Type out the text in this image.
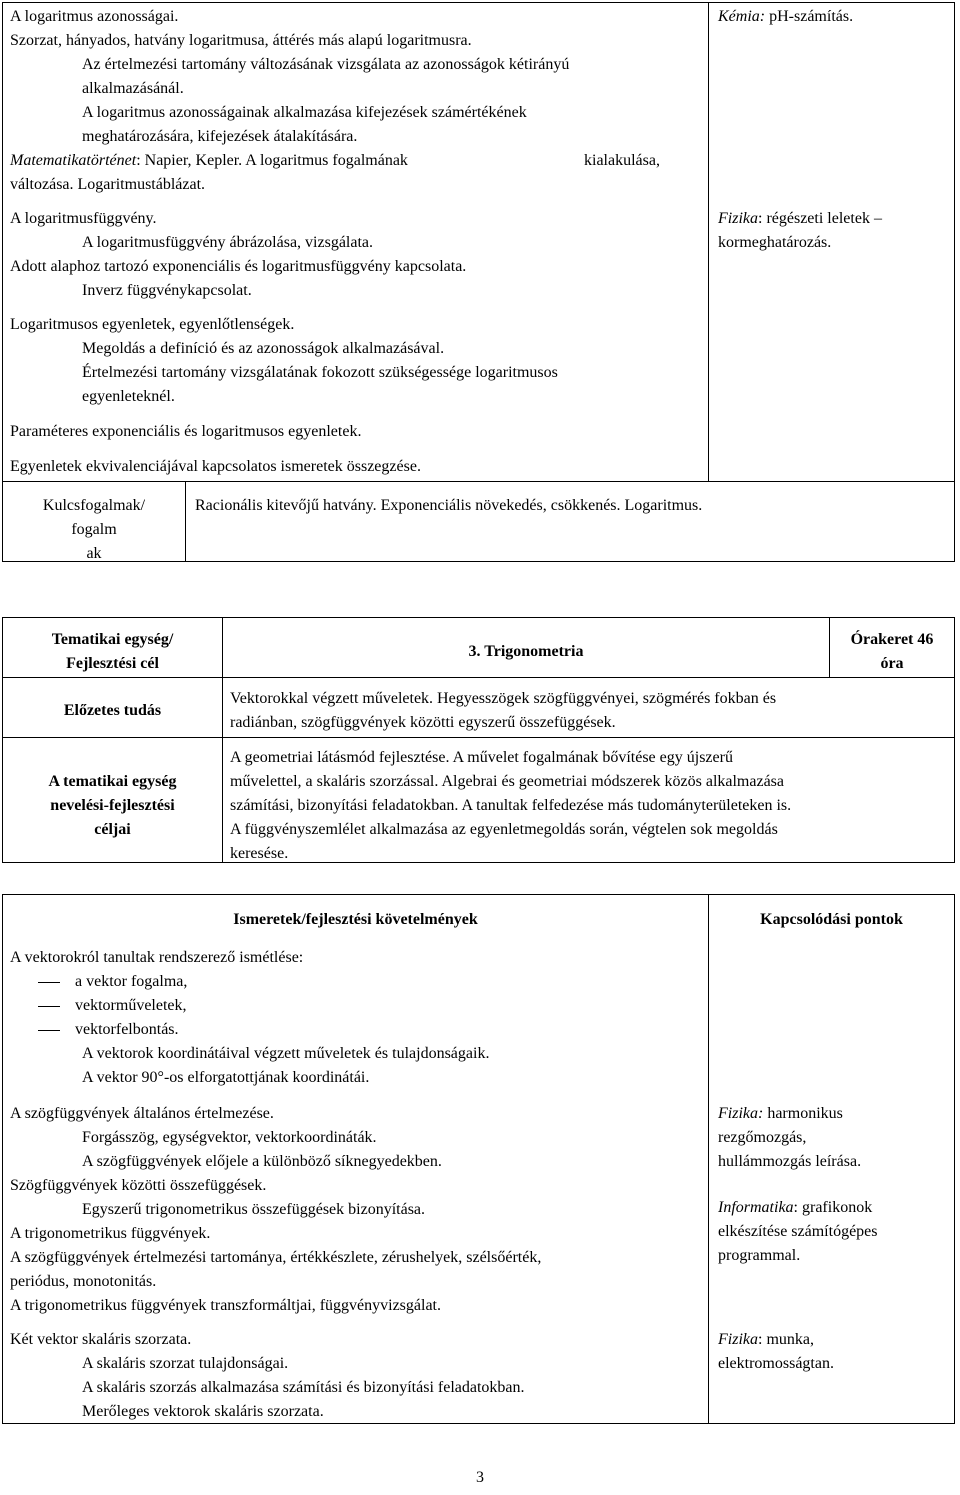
A logaritmus azonosságai.
Szorzat, hányados, hatvány logaritmusa, áttérés más alapú logaritmusra.
Az értelmezési tartomány változásának vizsgálata az azonosságok kétirányú
alkalmazásánál.
A logaritmus azonosságainak alkalmazása kifejezések számértékének
meghatározására, kifejezések átalakítására.
Matematikatörténet: Napier, Kepler. A logaritmus fogalmának	kialakulása,
változása. Logaritmustáblázat.
A logaritmusfüggvény.
A logaritmusfüggvény ábrázolása, vizsgálata.
Adott alaphoz tartozó exponenciális és logaritmusfüggvény kapcsolata.
Inverz függvénykapcsolat.
Logaritmusos egyenletek, egyenlőtlenségek.
Megoldás a definíció és az azonosságok alkalmazásával.
Értelmezési tartomány vizsgálatának fokozott szükségessége logaritmusos
egyenleteknél.
Paraméteres exponenciális és logaritmusos egyenletek.
Egyenletek ekvivalenciájával kapcsolatos ismeretek összegzése.
Kémia: pH-számítás.
Fizika: régészeti leletek –
kormeghatározás.
Kulcsfogalmak/
fogalm
ak
Racionális kitevőjű hatvány. Exponenciális növekedés, csökkenés. Logaritmus.
Tematikai egység/
Fejlesztési cél
3. Trigonometria
Órakeret 46
óra
Előzetes tudás
Vektorokkal végzett műveletek. Hegyesszögek szögfüggvényei, szögmérés fokban és
radiánban, szögfüggvények közötti egyszerű összefüggések.
A tematikai egység
nevelési-fejlesztési
céljai
A geometriai látásmód fejlesztése. A művelet fogalmának bővítése egy újszerű
művelettel, a skaláris szorzással. Algebrai és geometriai módszerek közös alkalmazása
számítási, bizonyítási feladatokban. A tanultak felfedezése más tudományterületeken is.
A függvényszemlélet alkalmazása az egyenletmegoldás során, végtelen sok megoldás
keresése.
Ismeretek/fejlesztési követelmények	Kapcsolódási pontok
A vektorokról tanultak rendszerező ismétlése:
a vektor fogalma,
vektorműveletek,
vektorfelbontás.
A vektorok koordinátáival végzett műveletek és tulajdonságaik.
A vektor 90°-os elforgatottjának koordinátái.
A szögfüggvények általános értelmezése.
Forgásszög, egységvektor, vektorkoordináták.
A szögfüggvények előjele a különböző síknegyedekben.
Szögfüggvények közötti összefüggések.
Egyszerű trigonometrikus összefüggések bizonyítása.
A trigonometrikus függvények.
A szögfüggvények értelmezési tartománya, értékkészlete, zérushelyek, szélsőérték,
periódus, monotonitás.
A trigonometrikus függvények transzformáltjai, függvényvizsgálat.
Fizika: harmonikus
rezgőmozgás,
hullámmozgás leírása.
Informatika: grafikonok
elkészítése számítógépes
programmal.
Két vektor skaláris szorzata.
A skaláris szorzat tulajdonságai.
A skaláris szorzás alkalmazása számítási és bizonyítási feladatokban.
Merőleges vektorok skaláris szorzata.
Fizika: munka,
elektromosságtan.
3
